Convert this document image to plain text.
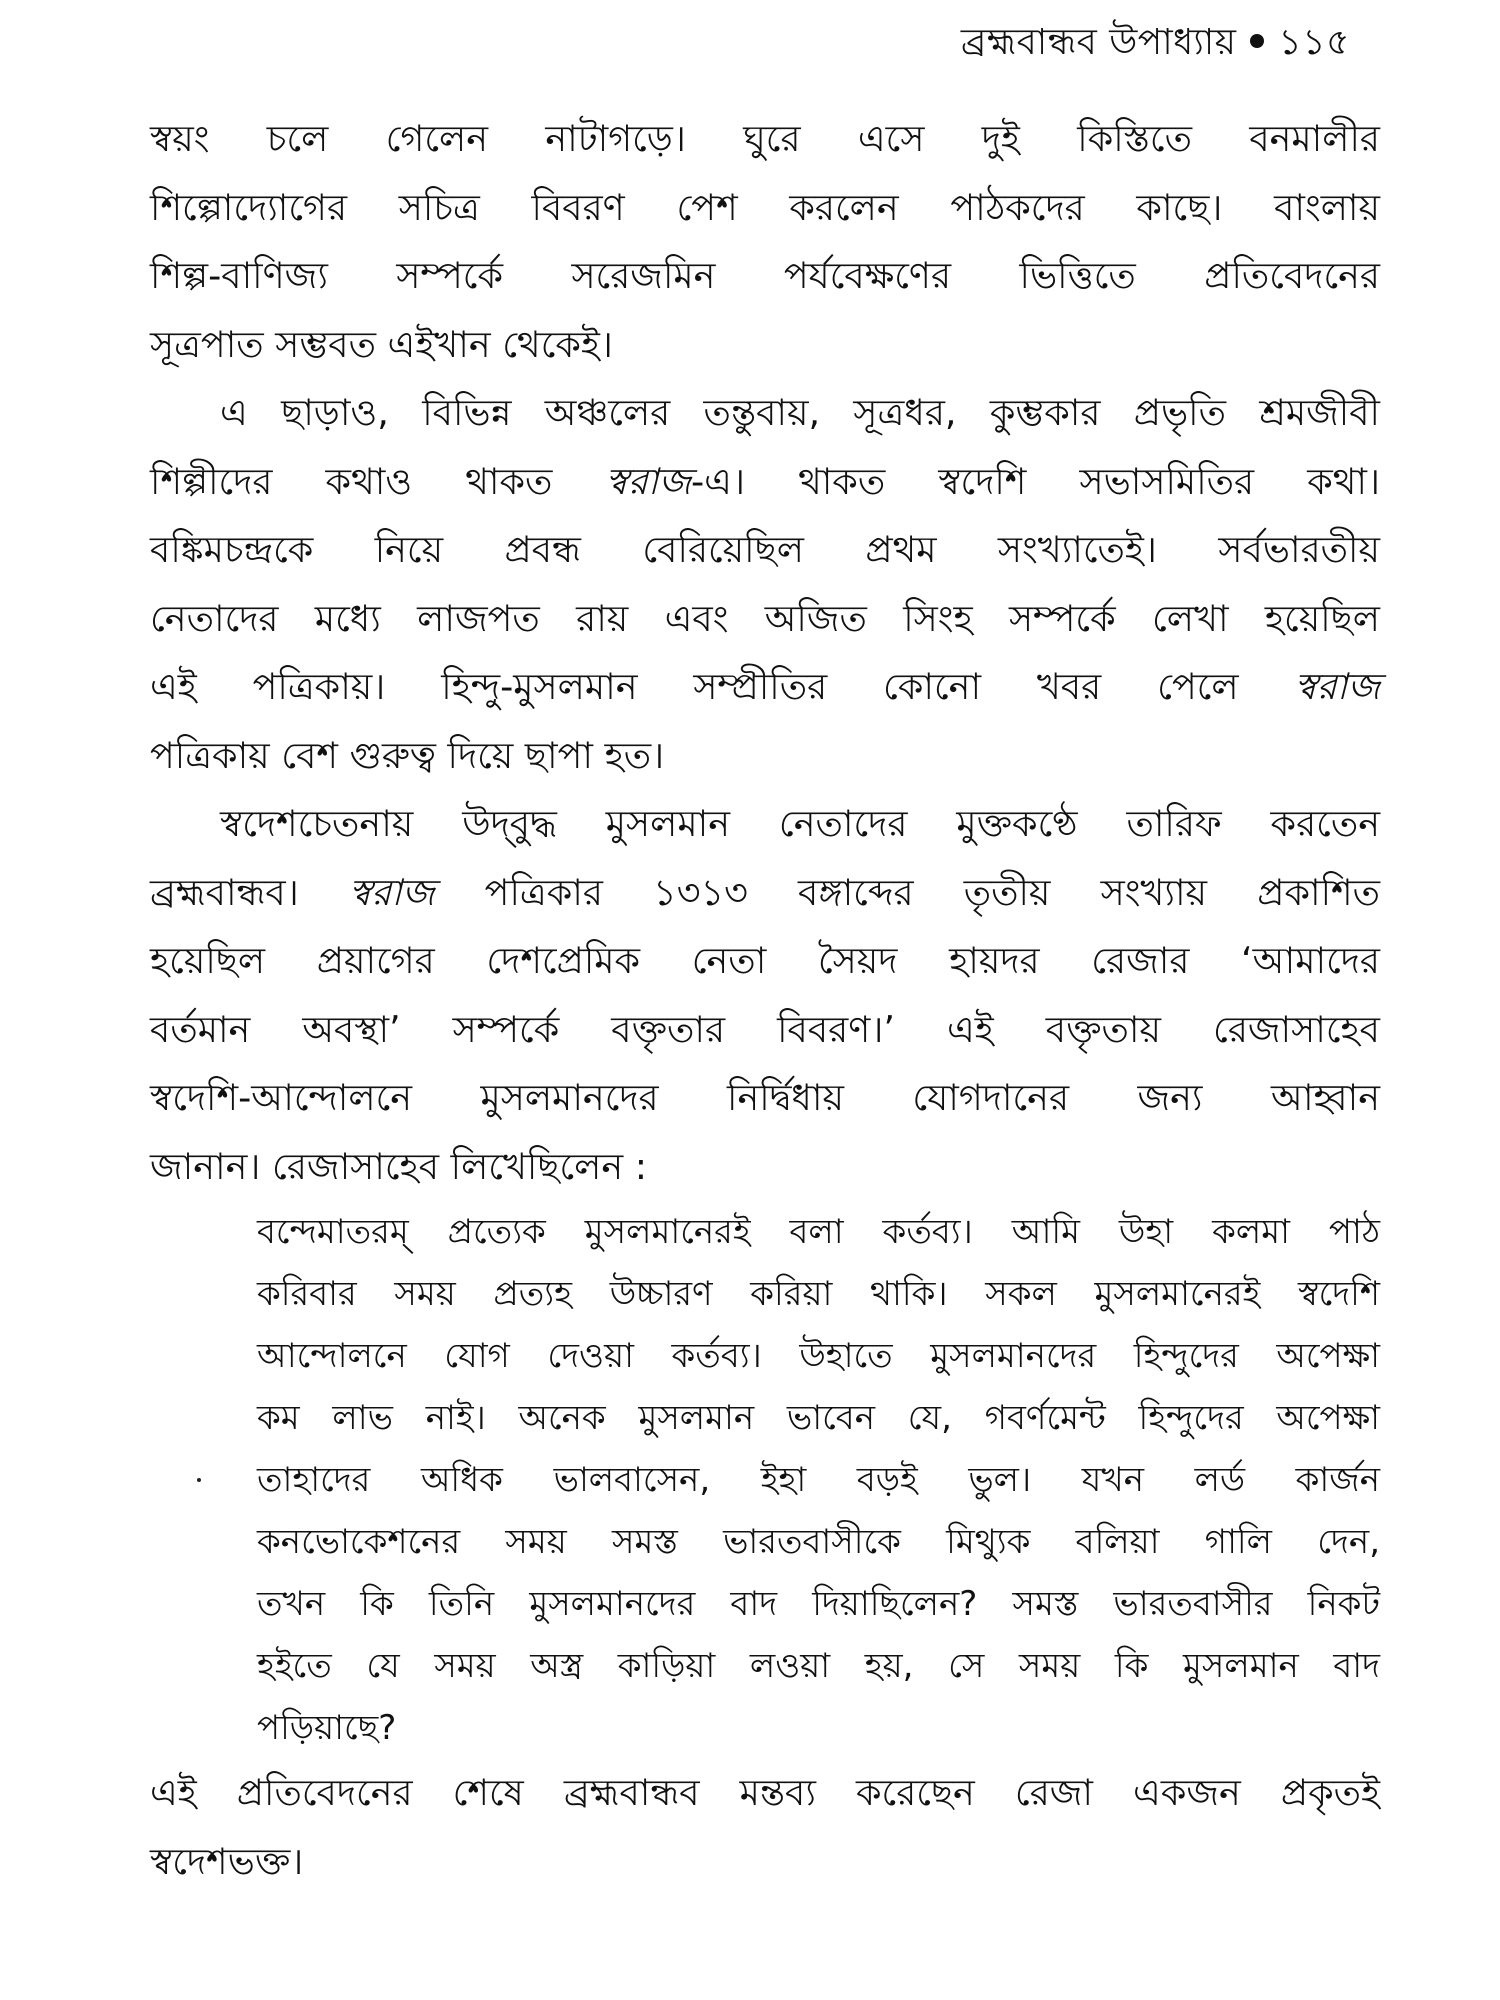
ব্রহ্মবান্ধব উপাধ্যায় ১১৫

স্বয়ং চলে গেলেন নাটাগড়ে। ঘুরে এসে দুই কিস্তিতে বনমালীর
শিল্পোদ্যোগের সচিত্র বিবরণ পেশ করলেন পাঠকদের কাছে। বাংলায়
শিল্প-বাণিজ্য সম্পর্কে সরেজমিন পর্যবেক্ষণের ভিত্তিতে প্রতিবেদনের
সূত্রপাত সম্ভবত এইখান থেকেই।

এ ছাড়াও, বিভিন্ন অঞ্চলের তন্তুবায়, সূত্রধর, কুম্ভকার প্রভৃতি শ্রমজীবী
শিল্পীদের কথাও থাকত স্বরাজ-এ। থাকত স্বদেশি সভাসমিতির কথা।
বঙ্কিমচন্দ্রকে নিয়ে প্রবন্ধ বেরিয়েছিল প্রথম সংখ্যাতেই। সর্বভারতীয়
নেতাদের মধ্যে লাজপত রায় এবং অজিত সিংহ সম্পর্কে লেখা হয়েছিল
এই পত্রিকায়। হিন্দু-মুসলমান সম্প্রীতির কোনো খবর পেলে স্বরাজ
পত্রিকায় বেশ গুরুত্ব দিয়ে ছাপা হত।

স্বদেশচেতনায় উদ্‌বুদ্ধ মুসলমান নেতাদের মুক্তকণ্ঠে তারিফ করতেন
ব্রহ্মবান্ধব। স্বরাজ পত্রিকার ১৩১৩ বঙ্গাব্দের তৃতীয় সংখ্যায় প্রকাশিত
হয়েছিল প্রয়াগের দেশপ্রেমিক নেতা সৈয়দ হায়দর রেজার ‘আমাদের
বর্তমান অবস্থা’ সম্পর্কে বক্তৃতার বিবরণ।’ এই বক্তৃতায় রেজাসাহেব
স্বদেশি-আন্দোলনে মুসলমানদের নির্দ্বিধায় যোগদানের জন্য আহ্বান
জানান। রেজাসাহেব লিখেছিলেন :

বন্দেমাতরম্ প্রত্যেক মুসলমানেরই বলা কর্তব্য। আমি উহা কলমা পাঠ
করিবার সময় প্রত্যহ উচ্চারণ করিয়া থাকি। সকল মুসলমানেরই স্বদেশি
আন্দোলনে যোগ দেওয়া কর্তব্য। উহাতে মুসলমানদের হিন্দুদের অপেক্ষা
কম লাভ নাই। অনেক মুসলমান ভাবেন যে, গবর্ণমেন্ট হিন্দুদের অপেক্ষা
তাহাদের অধিক ভালবাসেন, ইহা বড়ই ভুল। যখন লর্ড কার্জন
কনভোকেশনের সময় সমস্ত ভারতবাসীকে মিথ্যুক বলিয়া গালি দেন,
তখন কি তিনি মুসলমানদের বাদ দিয়াছিলেন? সমস্ত ভারতবাসীর নিকট
হইতে যে সময় অস্ত্র কাড়িয়া লওয়া হয়, সে সময় কি মুসলমান বাদ
পড়িয়াছে?

এই প্রতিবেদনের শেষে ব্রহ্মবান্ধব মন্তব্য করেছেন রেজা একজন প্রকৃতই
স্বদেশভক্ত।
